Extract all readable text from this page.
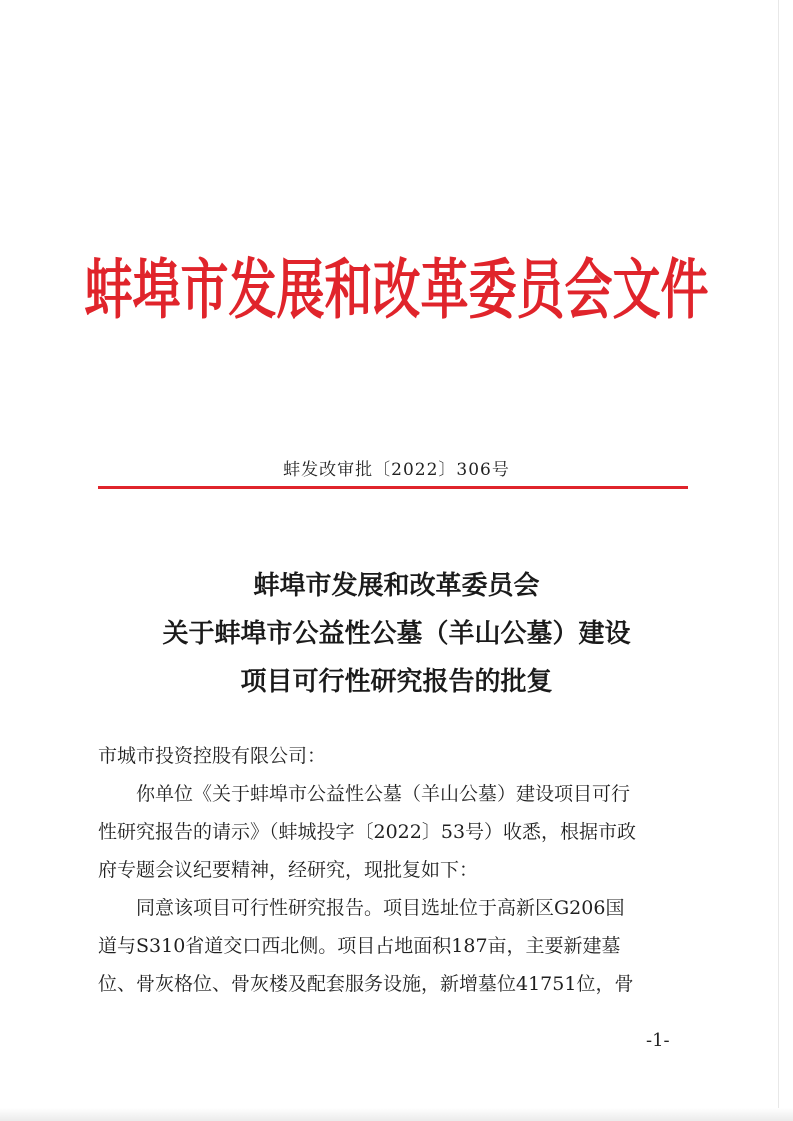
蚌埠市发展和改革委员会文件
蚌发改审批〔2022〕306号
蚌埠市发展和改革委员会
关于蚌埠市公益性公墓（羊山公墓）建设
项目可行性研究报告的批复

市城市投资控股有限公司：

你单位《关于蚌埠市公益性公墓（羊山公墓）建设项目可行

性研究报告的请示》（蚌城投字〔2022〕53号）收悉，根据市政

府专题会议纪要精神，经研究，现批复如下：

同意该项目可行性研究报告。项目选址位于高新区G206国

道与S310省道交口西北侧。项目占地面积187亩，主要新建墓

位、骨灰格位、骨灰楼及配套服务设施，新增墓位41751位，骨

-1-
